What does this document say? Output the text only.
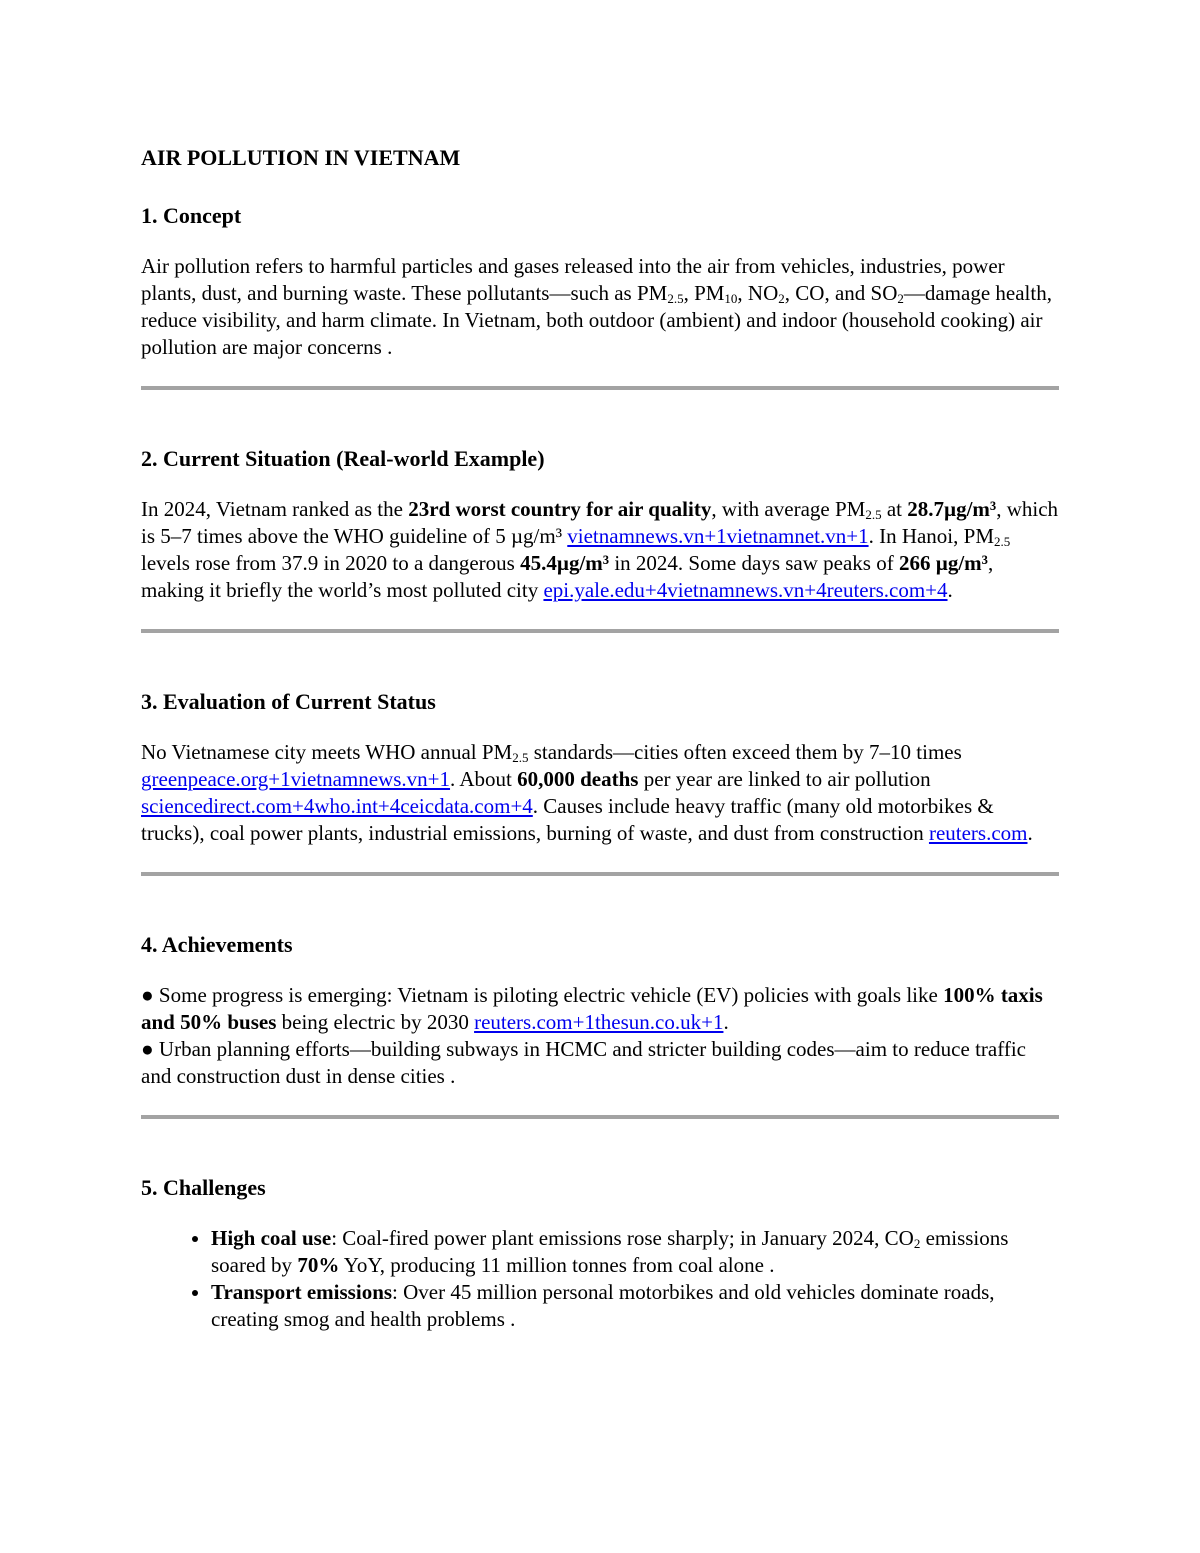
AIR POLLUTION IN VIETNAM
1. Concept

Air pollution refers to harmful particles and gases released into the air from vehicles, industries, power plants, dust, and burning waste. These pollutants—such as $PM_{2.5}$, $PM_{10}$, $NO_2$, CO, and $SO_2—damage$ health, reduce visibility, and harm climate. In Vietnam, both outdoor (ambient) and indoor (household cooking) air pollution are major concerns .

2. Current Situation (Real-world Example)

In 2024, Vietnam ranked as the 23rd worst country for air quality, with average $PM_{2.5}$ at 28.7µg/m³, which is 5–7 times above the WHO guideline of 5 µg/m³ vietnamnews.vn+1vietnamnet.vn+1. In Hanoi, $PM_{2.5}$ levels rose from 37.9 in 2020 to a dangerous 45.4µg/m³ in 2024. Some days saw peaks of 266 µg/m³, making it briefly the world’s most polluted city epi.yale.edu+4vietnamnews.vn+4reuters.com+4.

3. Evaluation of Current Status

No Vietnamese city meets WHO annual $PM_{2.5}$ standards—cities often exceed them by 7–10 times greenpeace.org+1vietnamnews.vn+1. About 60,000 deaths per year are linked to air pollution sciencedirect.com+4who.int+4ceicdata.com+4. Causes include heavy traffic (many old motorbikes & trucks), coal power plants, industrial emissions, burning of waste, and dust from construction reuters.com.

4. Achievements

● Some progress is emerging: Vietnam is piloting electric vehicle (EV) policies with goals like 100% taxis and 50% buses being electric by 2030 reuters.com+1thesun.co.uk+1.

● Urban planning efforts—building subways in HCMC and stricter building codes—aim to reduce traffic and construction dust in dense cities .

5. Challenges
• High coal use: Coal-fired power plant emissions rose sharply; in January 2024, $CO_2$ emissions soared by 70% YoY, producing 11 million tonnes from coal alone .
• Transport emissions: Over 45 million personal motorbikes and old vehicles dominate roads, creating smog and health problems .
